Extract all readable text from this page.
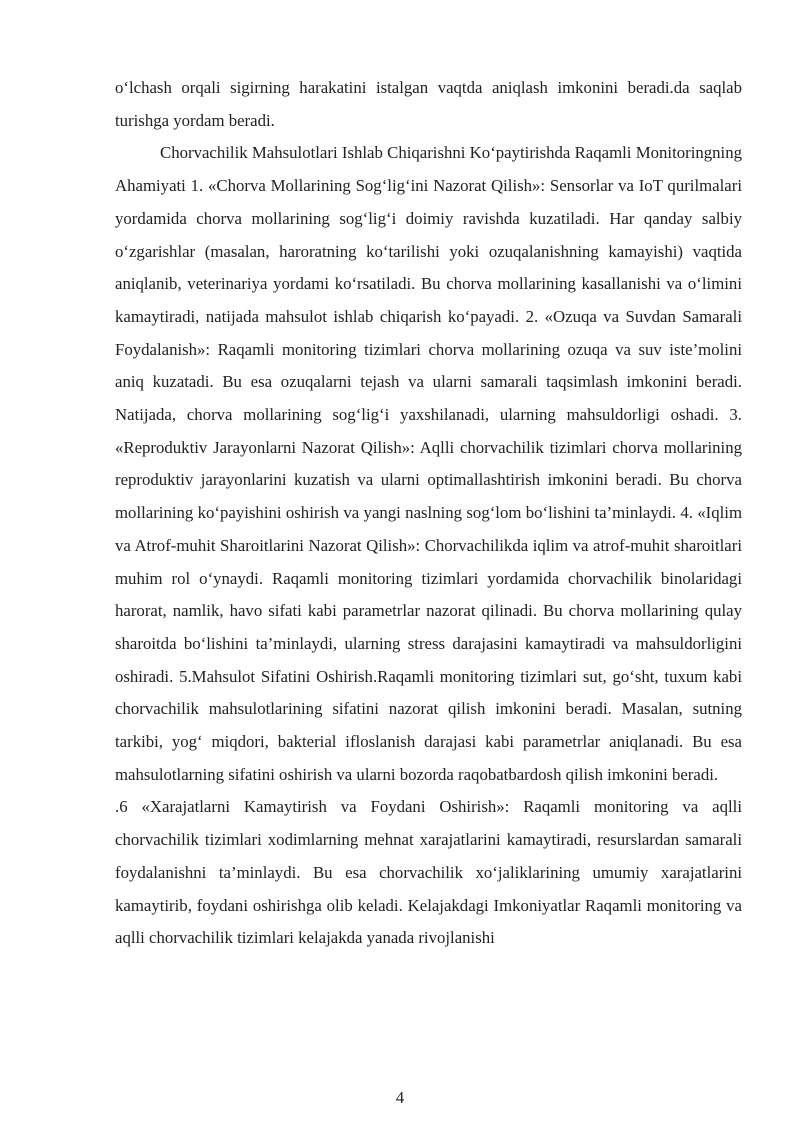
o‘lchash orqali sigirning harakatini istalgan vaqtda aniqlash imkonini beradi.da saqlab turishga yordam beradi.

Chorvachilik Mahsulotlari Ishlab Chiqarishni Ko‘paytirishda Raqamli Monitoringning Ahamiyati 1. «Chorva Mollarining Sog‘lig‘ini Nazorat Qilish»: Sensorlar va IoT qurilmalari yordamida chorva mollarining sog‘lig‘i doimiy ravishda kuzatiladi. Har qanday salbiy o‘zgarishlar (masalan, haroratning ko‘tarilishi yoki ozuqalanishning kamayishi) vaqtida aniqlanib, veterinariya yordami ko‘rsatiladi. Bu chorva mollarining kasallanishi va o‘limini kamaytiradi, natijada mahsulot ishlab chiqarish ko‘payadi. 2. «Ozuqa va Suvdan Samarali Foydalanish»: Raqamli monitoring tizimlari chorva mollarining ozuqa va suv iste’molini aniq kuzatadi. Bu esa ozuqalarni tejash va ularni samarali taqsimlash imkonini beradi. Natijada, chorva mollarining sog‘lig‘i yaxshilanadi, ularning mahsuldorligi oshadi. 3. «Reproduktiv Jarayonlarni Nazorat Qilish»: Aqlli chorvachilik tizimlari chorva mollarining reproduktiv jarayonlarini kuzatish va ularni optimallashtirish imkonini beradi. Bu chorva mollarining ko‘payishini oshirish va yangi naslning sog‘lom bo‘lishini ta’minlaydi. 4. «Iqlim va Atrof-muhit Sharoitlarini Nazorat Qilish»: Chorvachilikda iqlim va atrof-muhit sharoitlari muhim rol o‘ynaydi. Raqamli monitoring tizimlari yordamida chorvachilik binolaridagi harorat, namlik, havo sifati kabi parametrlar nazorat qilinadi. Bu chorva mollarining qulay sharoitda bo‘lishini ta’minlaydi, ularning stress darajasini kamaytiradi va mahsuldorligini oshiradi. 5.Mahsulot Sifatini Oshirish.Raqamli monitoring tizimlari sut, go‘sht, tuxum kabi chorvachilik mahsulotlarining sifatini nazorat qilish imkonini beradi. Masalan, sutning tarkibi, yog‘ miqdori, bakterial ifloslanish darajasi kabi parametrlar aniqlanadi. Bu esa mahsulotlarning sifatini oshirish va ularni bozorda raqobatbardosh qilish imkonini beradi.

.6 «Xarajatlarni Kamaytirish va Foydani Oshirish»: Raqamli monitoring va aqlli chorvachilik tizimlari xodimlarning mehnat xarajatlarini kamaytiradi, resurslardan samarali foydalanishni ta’minlaydi. Bu esa chorvachilik xo‘jaliklarining umumiy xarajatlarini kamaytirib, foydani oshirishga olib keladi. Kelajakdagi Imkoniyatlar Raqamli monitoring va aqlli chorvachilik tizimlari kelajakda yanada rivojlanishi

4
